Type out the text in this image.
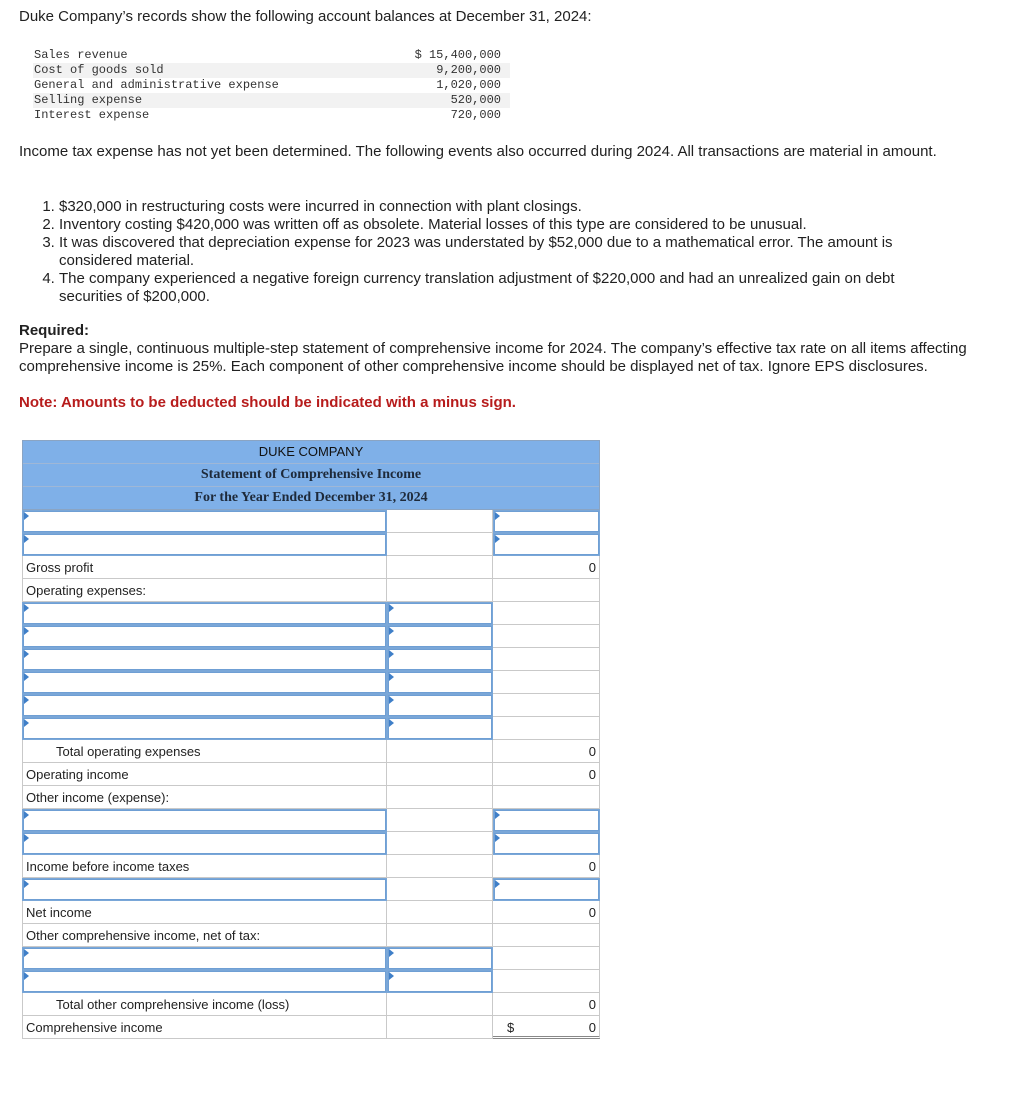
Duke Company’s records show the following account balances at December 31, 2024:
Sales revenue	$ 15,400,000
Cost of goods sold	9,200,000
General and administrative expense	1,020,000
Selling expense	520,000
Interest expense	720,000
Income tax expense has not yet been determined. The following events also occurred during 2024. All transactions are material in amount.
1. $320,000 in restructuring costs were incurred in connection with plant closings.
2. Inventory costing $420,000 was written off as obsolete. Material losses of this type are considered to be unusual.
3. It was discovered that depreciation expense for 2023 was understated by $52,000 due to a mathematical error. The amount is considered material.
4. The company experienced a negative foreign currency translation adjustment of $220,000 and had an unrealized gain on debt securities of $200,000.
Required:
Prepare a single, continuous multiple-step statement of comprehensive income for 2024. The company’s effective tax rate on all items affecting comprehensive income is 25%. Each component of other comprehensive income should be displayed net of tax. Ignore EPS disclosures.
Note: Amounts to be deducted should be indicated with a minus sign.
DUKE COMPANY
Statement of Comprehensive Income
For the Year Ended December 31, 2024
Gross profit	0
Operating expenses:
Total operating expenses	0
Operating income	0
Other income (expense):
Income before income taxes	0
Net income	0
Other comprehensive income, net of tax:
Total other comprehensive income (loss)	0
Comprehensive income	$	0
